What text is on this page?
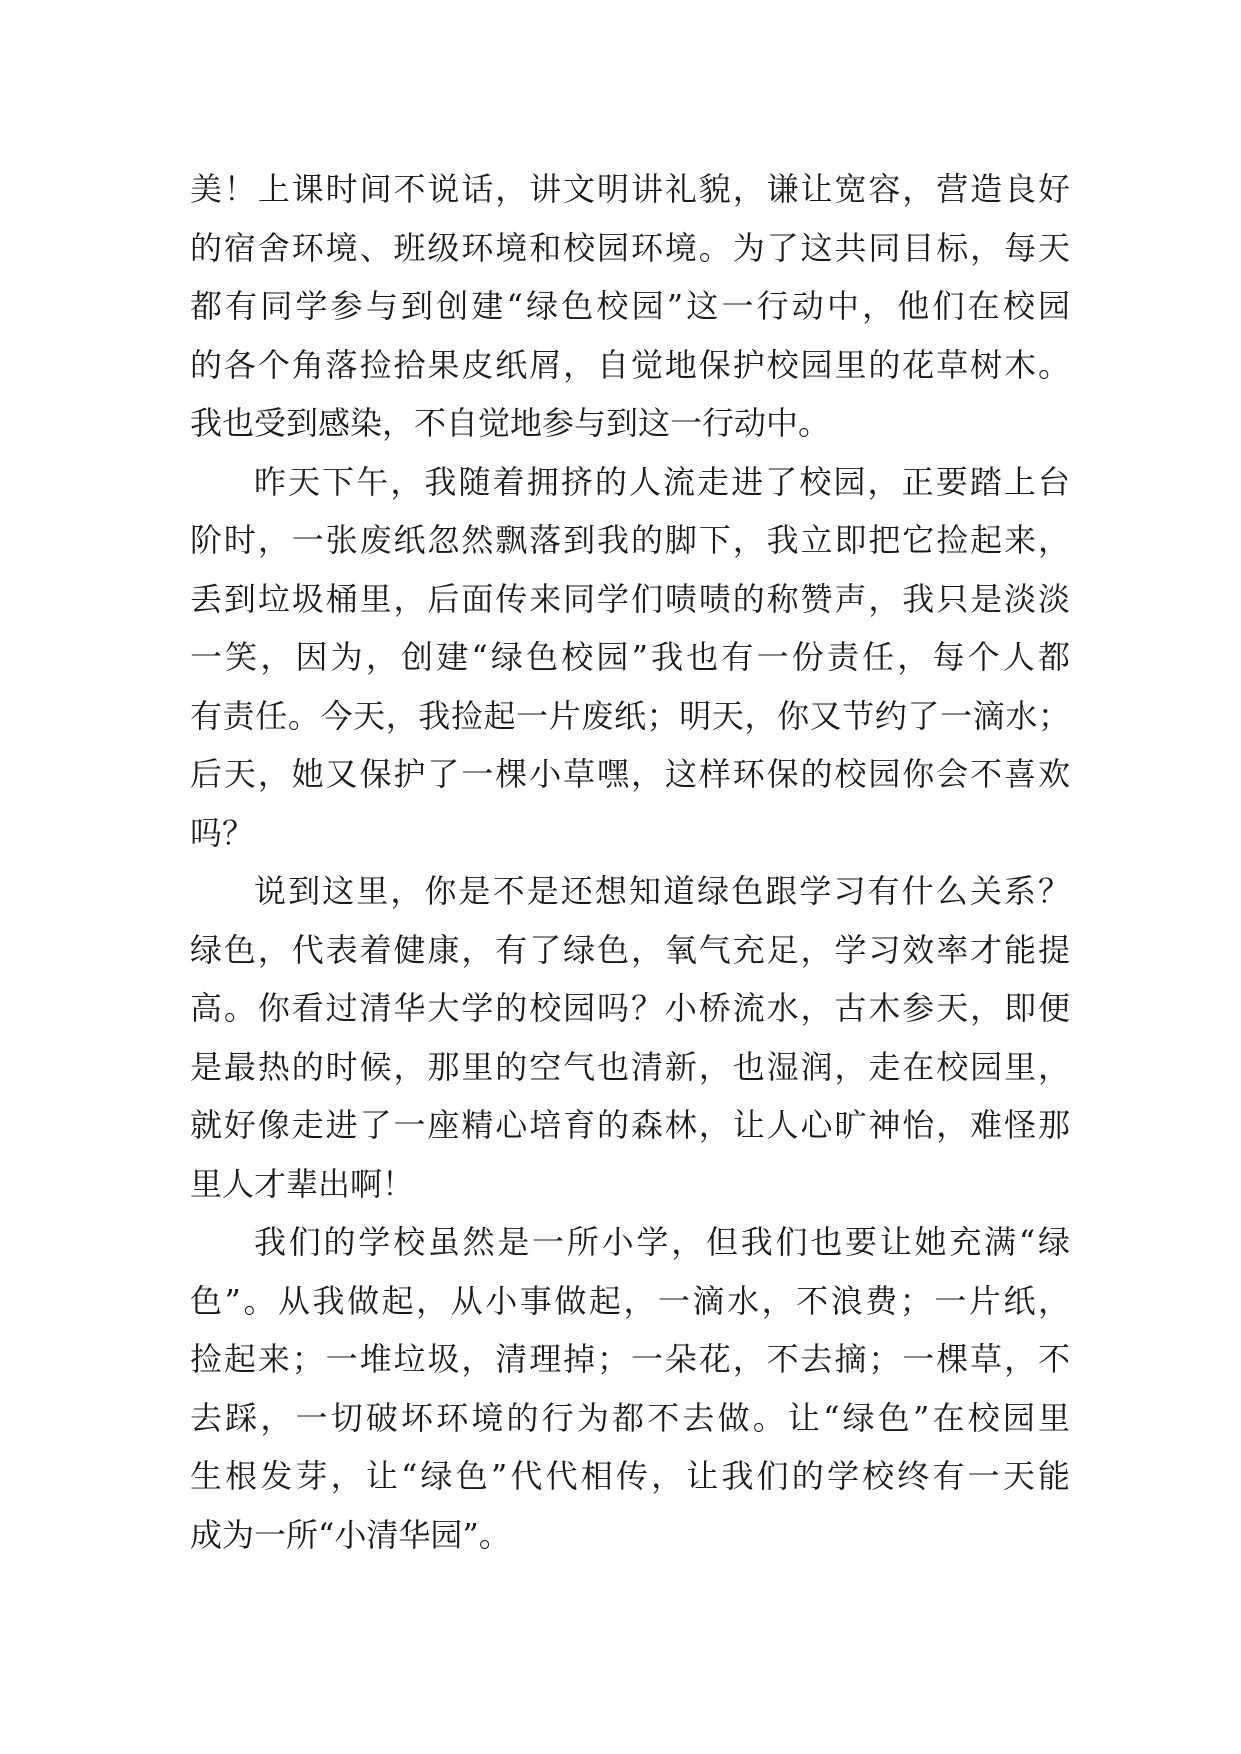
美！上课时间不说话，讲文明讲礼貌，谦让宽容，营造良好
的宿舍环境、班级环境和校园环境。为了这共同目标，每天
都有同学参与到创建“绿色校园”这一行动中，他们在校园
的各个角落捡拾果皮纸屑，自觉地保护校园里的花草树木。
我也受到感染，不自觉地参与到这一行动中。
昨天下午，我随着拥挤的人流走进了校园，正要踏上台
阶时，一张废纸忽然飘落到我的脚下，我立即把它捡起来，
丢到垃圾桶里，后面传来同学们啧啧的称赞声，我只是淡淡
一笑，因为，创建“绿色校园”我也有一份责任，每个人都
有责任。今天，我捡起一片废纸；明天，你又节约了一滴水；
后天，她又保护了一棵小草嘿，这样环保的校园你会不喜欢
吗？
说到这里，你是不是还想知道绿色跟学习有什么关系？
绿色，代表着健康，有了绿色，氧气充足，学习效率才能提
高。你看过清华大学的校园吗？小桥流水，古木参天，即便
是最热的时候，那里的空气也清新，也湿润，走在校园里，
就好像走进了一座精心培育的森林，让人心旷神怡，难怪那
里人才辈出啊！
我们的学校虽然是一所小学，但我们也要让她充满“绿
色”。从我做起，从小事做起，一滴水，不浪费；一片纸，
捡起来；一堆垃圾，清理掉；一朵花，不去摘；一棵草，不
去踩，一切破坏环境的行为都不去做。让“绿色”在校园里
生根发芽，让“绿色”代代相传，让我们的学校终有一天能
成为一所“小清华园”。
